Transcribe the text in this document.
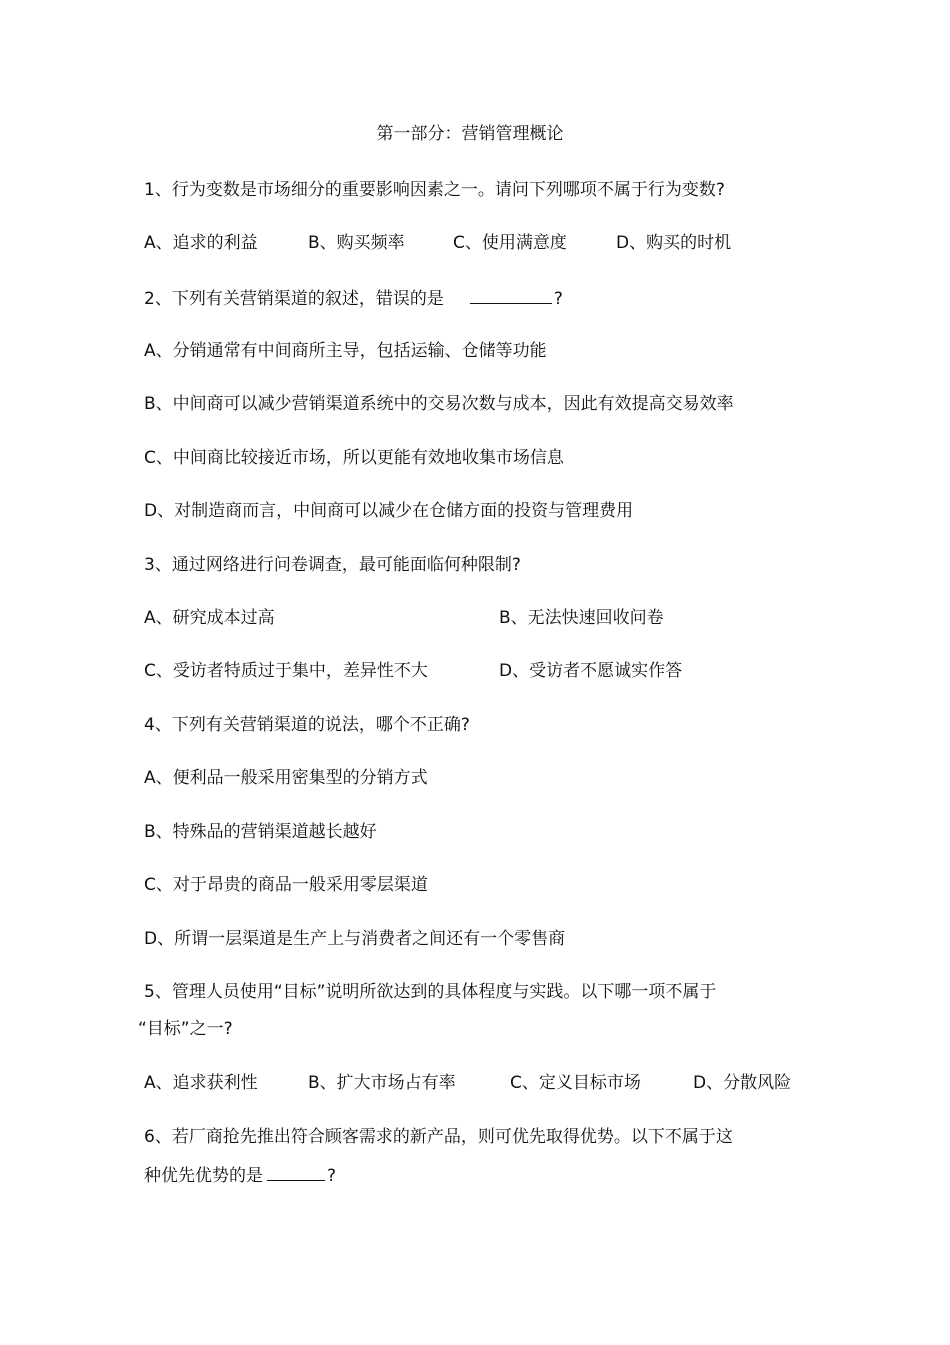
第一部分：营销管理概论

1、行为变数是市场细分的重要影响因素之一。请问下列哪项不属于行为变数?

A、追求的利益	B、购买频率	C、使用满意度	D、购买的时机

2、下列有关营销渠道的叙述，错误的是	?

A、分销通常有中间商所主导，包括运输、仓储等功能

B、中间商可以减少营销渠道系统中的交易次数与成本，因此有效提高交易效率

C、中间商比较接近市场，所以更能有效地收集市场信息

D、对制造商而言，中间商可以减少在仓储方面的投资与管理费用

3、通过网络进行问卷调查，最可能面临何种限制?

A、研究成本过高	B、无法快速回收问卷
C、受访者特质过于集中，差异性不大	D、受访者不愿诚实作答

4、下列有关营销渠道的说法，哪个不正确?

A、便利品一般采用密集型的分销方式

B、特殊品的营销渠道越长越好

C、对于昂贵的商品一般采用零层渠道

D、所谓一层渠道是生产上与消费者之间还有一个零售商

5、管理人员使用“目标”说明所欲达到的具体程度与实践。以下哪一项不属于

“目标”之一?

A、追求获利性	B、扩大市场占有率	C、定义目标市场	D、分散风险

6、若厂商抢先推出符合顾客需求的新产品，则可优先取得优势。以下不属于这

种优先优势的是	?
